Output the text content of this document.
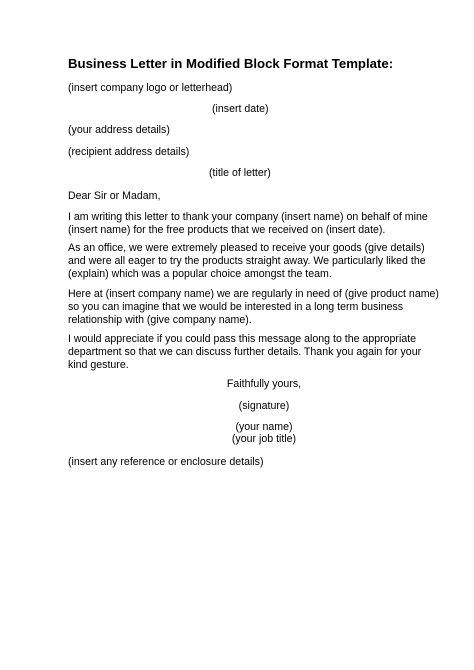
Business Letter in Modified Block Format Template:
(insert company logo or letterhead)
(insert date)
(your address details)
(recipient address details)
(title of letter)
Dear Sir or Madam,
I am writing this letter to thank your company (insert name) on behalf of mine
(insert name) for the free products that we received on (insert date).
As an office, we were extremely pleased to receive your goods (give details)
and were all eager to try the products straight away. We particularly liked the
(explain) which was a popular choice amongst the team.
Here at (insert company name) we are regularly in need of (give product name)
so you can imagine that we would be interested in a long term business
relationship with (give company name).
I would appreciate if you could pass this message along to the appropriate
department so that we can discuss further details. Thank you again for your
kind gesture.
Faithfully yours,
(signature)
(your name)
(your job title)
(insert any reference or enclosure details)
